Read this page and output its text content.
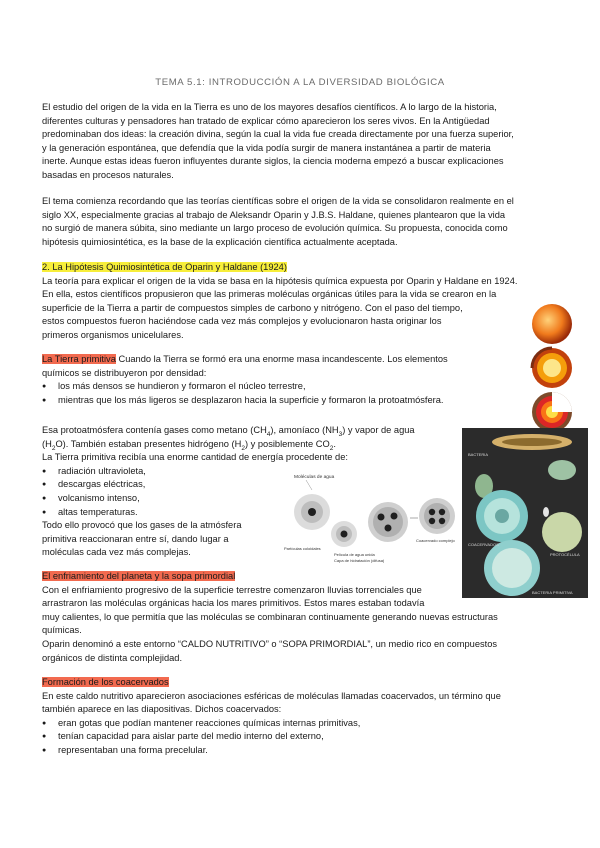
TEMA 5.1: INTRODUCCIÓN A LA DIVERSIDAD BIOLÓGICA

El estudio del origen de la vida en la Tierra es uno de los mayores desafíos científicos. A lo largo de la historia,

diferentes culturas y pensadores han tratado de explicar cómo aparecieron los seres vivos. En la Antigüedad

predominaban dos ideas: la creación divina, según la cual la vida fue creada directamente por una fuerza superior,

y la generación espontánea, que defendía que la vida podía surgir de manera instantánea a partir de materia

inerte. Aunque estas ideas fueron influyentes durante siglos, la ciencia moderna empezó a buscar explicaciones

basadas en procesos naturales.

El tema comienza recordando que las teorías científicas sobre el origen de la vida se consolidaron realmente en el

siglo XX, especialmente gracias al trabajo de Aleksandr Oparin y J.B.S. Haldane, quienes plantearon que la vida

no surgió de manera súbita, sino mediante un largo proceso de evolución química. Su propuesta, conocida como

hipótesis quimiosintética, es la base de la explicación científica actualmente aceptada.

2. La Hipótesis Quimiosintética de Oparin y Haldane (1924)

La teoría para explicar el origen de la vida se basa en la hipótesis química expuesta por Oparin y Haldane en 1924.

En ella, estos científicos propusieron que las primeras moléculas orgánicas útiles para la vida se crearon en la

superficie de la Tierra a partir de compuestos simples de carbono y nitrógeno. Con el paso del tiempo,

estos compuestos fueron haciéndose cada vez más complejos y evolucionaron hasta originar los

primeros organismos unicelulares.

La Tierra primitiva Cuando la Tierra se formó era una enorme masa incandescente. Los elementos

químicos se distribuyeron por densidad:

● los más densos se hundieron y formaron el núcleo terrestre,
● mientras que los más ligeros se desplazaron hacia la superficie y formaron la protoatmósfera.

Esa protoatmósfera contenía gases como metano $(CH_4)$, amoníaco $(NH_3)$ y vapor de agua

$(H_2O)$. También estaban presentes hidrógeno $(H_2)$ y posiblemente $CO_2$.

La Tierra primitiva recibía una enorme cantidad de energía procedente de:

● radiación ultravioleta,
● descargas eléctricas,
● volcanismo intenso,
● altas temperaturas.

Todo ello provocó que los gases de la atmósfera

primitiva reaccionaran entre sí, dando lugar a

moléculas cada vez más complejas.

Moléculas de agua
Partículas coloidales
Película de agua unida
Capa de hidratación (difusa)
Coacervado complejo
BACTERIA
COACERVADOS
PROTOCÉLULA
BACTERIA PRIMITIVA

El enfriamiento del planeta y la sopa primordial

Con el enfriamiento progresivo de la superficie terrestre comenzaron lluvias torrenciales que

arrastraron las moléculas orgánicas hacia los mares primitivos. Estos mares estaban todavía

muy calientes, lo que permitía que las moléculas se combinaran continuamente generando nuevas estructuras

químicas.

Oparin denominó a este entorno “CALDO NUTRITIVO” o “SOPA PRIMORDIAL”, un medio rico en compuestos

orgánicos de distinta complejidad.

Formación de los coacervados

En este caldo nutritivo aparecieron asociaciones esféricas de moléculas llamadas coacervados, un término que

también aparece en las diapositivas. Dichos coacervados:

● eran gotas que podían mantener reacciones químicas internas primitivas,
● tenían capacidad para aislar parte del medio interno del externo,
● representaban una forma precelular.
